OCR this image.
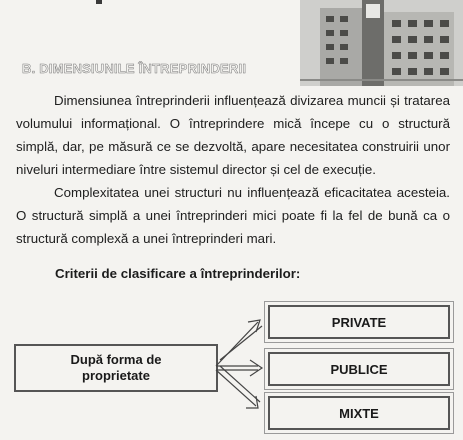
B. DIMENSIUNILE ÎNTREPRINDERII
Dimensiunea întreprinderii influențează divizarea muncii și tratarea volumului informațional. O întreprindere mică începe cu o structură simplă, dar, pe măsură ce se dezvoltă, apare necesitatea construirii unor niveluri intermediare între sistemul director și cel de execuție.
Complexitatea unei structuri nu influențează eficacitatea acesteia. O structură simplă a unei întreprinderi mici poate fi la fel de bună ca o structură complexă a unei întreprinderi mari.
Criterii de clasificare a întreprinderilor:
După forma de
proprietate
PRIVATE
PUBLICE
MIXTE
